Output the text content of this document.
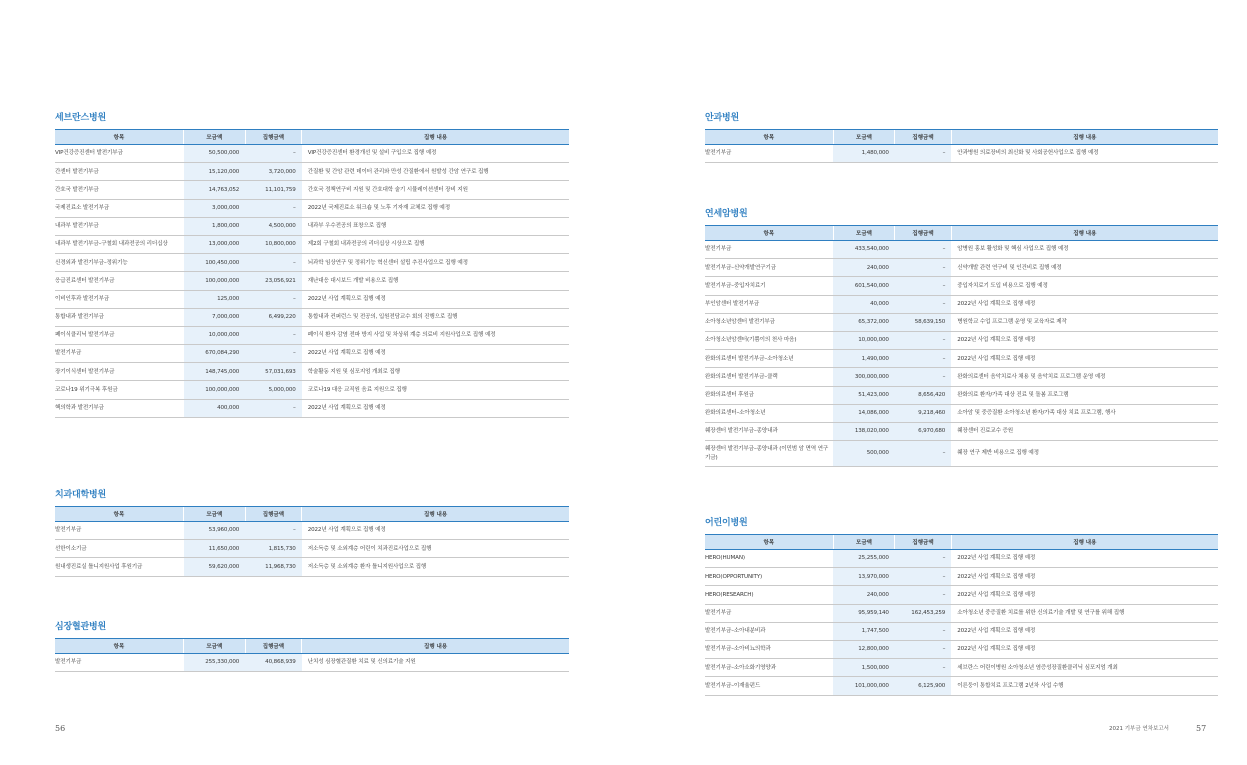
세브란스병원
항목	모금액	집행금액	집행 내용
VIP건강증진센터 발전기부금	50,500,000	–	VIP건강증진센터 환경개선 및 설비 구입으로 집행 예정
간센터 발전기부금	15,120,000	3,720,000	간질환 및 간암 관련 데이터 관리와 만성 간질환에서 원발성 간암 연구로 집행
간호국 발전기부금	14,763,052	11,101,759	간호국 정책연구비 지원 및 간호대학 술기 시뮬레이션센터 장비 지원
국제진료소 발전기부금	3,000,000	–	2022년 국제진료소 워크숍 및 노후 기자재 교체로 집행 예정
내과부 발전기부금	1,800,000	4,500,000	내과부 우수전공의 표창으로 집행
내과부 발전기부금–구철회 내과전공의 리더십상	13,000,000	10,800,000	제2회 구철회 내과전공의 리더십상 시상으로 집행
신경외과 발전기부금–정위기능	100,450,000	–	뇌과학 임상연구 및 정위기능 혁신센터 설립 추진사업으로 집행 예정
응급진료센터 발전기부금	100,000,000	23,056,921	재난대응 대시보드 개발 비용으로 집행
이비인후과 발전기부금	125,000	–	2022년 사업 계획으로 집행 예정
통합내과 발전기부금	7,000,000	6,499,220	통합내과 컨퍼런스 및 전공의, 입원전담교수 회의 진행으로 집행
폐이식클리닉 발전기부금	10,000,000	–	폐이식 환자 감염 전파 방지 사업 및 차상위 계층 의료비 지원사업으로 집행 예정
발전기부금	670,084,290	–	2022년 사업 계획으로 집행 예정
장기이식센터 발전기부금	148,745,000	57,031,693	학술활동 지원 및 심포지엄 개최로 집행
코로나19 위기극복 후원금	100,000,000	5,000,000	코로나19 대응 교직원 음료 지원으로 집행
핵의학과 발전기부금	400,000	–	2022년 사업 계획으로 집행 예정
치과대학병원
항목	모금액	집행금액	집행 내용
발전기부금	53,960,000	–	2022년 사업 계획으로 집행 예정
선한이소기금	11,650,000	1,815,730	저소득층 및 소외계층 어린이 치과진료사업으로 집행
원내생진료실 틀니지원사업 후원기금	59,620,000	11,968,730	저소득층 및 소외계층 환자 틀니지원사업으로 집행
심장혈관병원
항목	모금액	집행금액	집행 내용
발전기부금	255,330,000	40,868,939	난치성 심장혈관질환 치료 및 신의료기술 지원
56
안과병원
항목	모금액	집행금액	집행 내용
발전기부금	1,480,000	–	안과병원 의료장비의 최신화 및 사회공헌사업으로 집행 예정
연세암병원
항목	모금액	집행금액	집행 내용
발전기부금	433,540,000	–	암병원 홍보 활성화 및 핵심 사업으로 집행 예정
발전기부금–신약개발연구기금	240,000	–	신약개발 관련 연구비 및 인건비로 집행 예정
발전기부금–중입자치료기	601,540,000	–	중입자치료기 도입 비용으로 집행 예정
부인암센터 발전기부금	40,000	–	2022년 사업 계획으로 집행 예정
소아청소년암센터 발전기부금	65,372,000	58,639,150	병원학교 수업 프로그램 운영 및 교육자료 제작
소아청소년암센터(기쁨이의 천사 마음)	10,000,000	–	2022년 사업 계획으로 집행 예정
완화의료센터 발전기부금–소아청소년	1,490,000	–	2022년 사업 계획으로 집행 예정
완화의료센터 발전기부금–클랙	300,000,000	–	완화의료센터 음악치료사 채용 및 음악치료 프로그램 운영 예정
완화의료센터 후원금	51,423,000	8,656,420	완화의료 환자/가족 대상 진료 및 돌봄 프로그램
완화의료센터–소아청소년	14,086,000	9,218,460	소아암 및 중증질환 소아청소년 환자/가족 대상 치료 프로그램, 행사
췌장센터 발전기부금–종양내과	138,020,000	6,970,680	췌장센터 진료교수 증원
췌장센터 발전기부금–종양내과 (이민범 암 면역 연구기금)	500,000	–	췌장 연구 제반 비용으로 집행 예정
어린이병원
항목	모금액	집행금액	집행 내용
HERO(HUMAN)	25,255,000	–	2022년 사업 계획으로 집행 예정
HERO(OPPORTUNITY)	13,970,000	–	2022년 사업 계획으로 집행 예정
HERO(RESEARCH)	240,000	–	2022년 사업 계획으로 집행 예정
발전기부금	95,959,140	162,453,259	소아청소년 중증질환 치료를 위한 신의료기술 개발 및 연구를 위해 집행
발전기부금–소아내분비과	1,747,500	–	2022년 사업 계획으로 집행 예정
발전기부금–소아비뇨의학과	12,800,000	–	2022년 사업 계획으로 집행 예정
발전기부금–소아소화기영양과	1,500,000	–	세브란스 어린이병원 소아청소년 염증성장질환클리닉 심포지엄 개최
발전기부금–이재율펀드	101,000,000	6,125,900	이른둥이 통합치료 프로그램 2년차 사업 수행
2021 기부금 연차보고서	57
